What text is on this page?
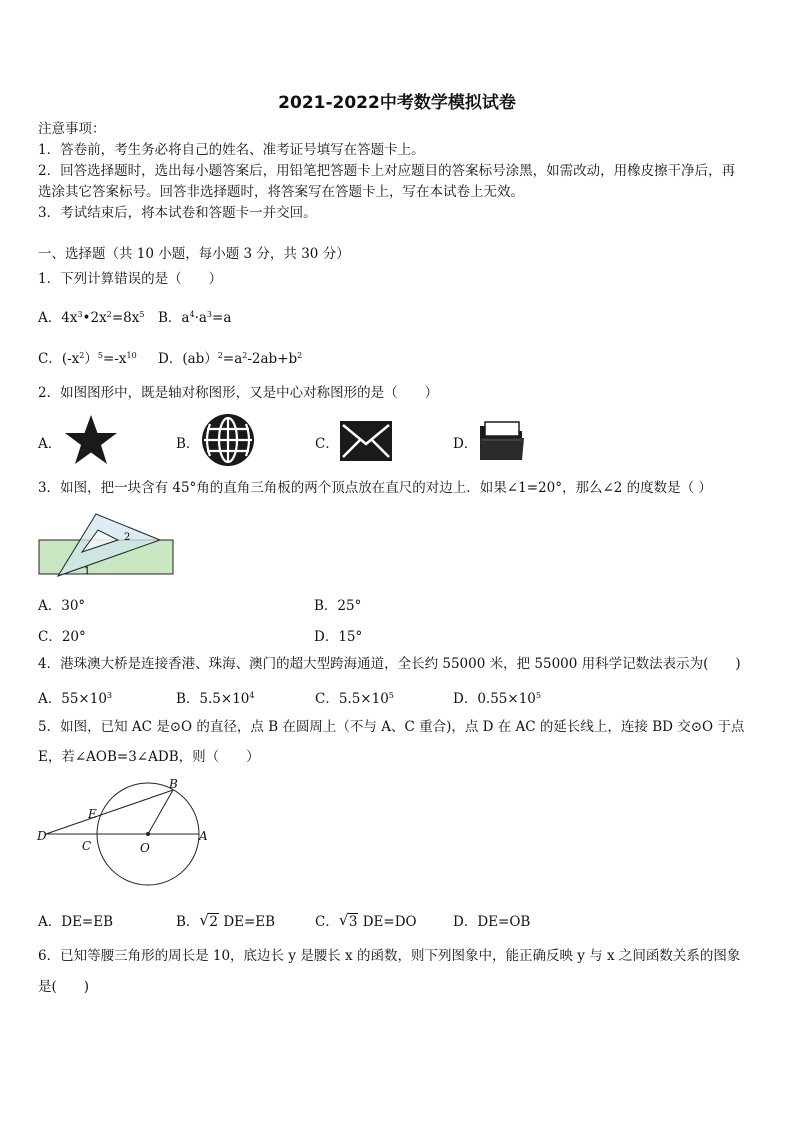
2021-2022中考数学模拟试卷
注意事项：
1．答卷前，考生务必将自己的姓名、准考证号填写在答题卡上。
2．回答选择题时，选出每小题答案后，用铅笔把答题卡上对应题目的答案标号涂黑，如需改动，用橡皮擦干净后，再
选涂其它答案标号。回答非选择题时，将答案写在答题卡上，写在本试卷上无效。
3．考试结束后，将本试卷和答题卡一并交回。
一、选择题（共 10 小题，每小题 3 分，共 30 分）
1．下列计算错误的是（　　）
A．$4x^3•2x^2=8x^5$ B．$a^4\cdot a^3=a$
C．$(-x^2)^5=-x^{10}$ D．$(ab)^2=a^2-2ab+b^2$
2．如图图形中，既是轴对称图形，又是中心对称图形的是（　　）
A．	B．	C．	D．
3．如图，把一块含有 45°角的直角三角板的两个顶点放在直尺的对边上．如果∠1=20°，那么∠2 的度数是（ ）
1
2
A．30°	B．25°
C．20°	D．15°
4．港珠澳大桥是连接香港、珠海、澳门的超大型跨海通道，全长约 55000 米，把 55000 用科学记数法表示为(　　)
A．$55\times 10^3$	B．$5.5\times 10^4$	C．$5.5\times 10^5$	D．$0.55\times 10^5$
5．如图，已知 AC 是⊙O 的直径，点 B 在圆周上（不与 A、C 重合)，点 D 在 AC 的延长线上，连接 BD 交⊙O 于点
E，若∠AOB=3∠ADB，则（　　）
B
E
D
C	O
A
A．DE=EB	B． √ 2 DE=EB	C． √ 3 DE=DO	D．DE=OB
6．已知等腰三角形的周长是 10，底边长 y 是腰长 x 的函数，则下列图象中，能正确反映 y 与 x 之间函数关系的图象
是(　　)
